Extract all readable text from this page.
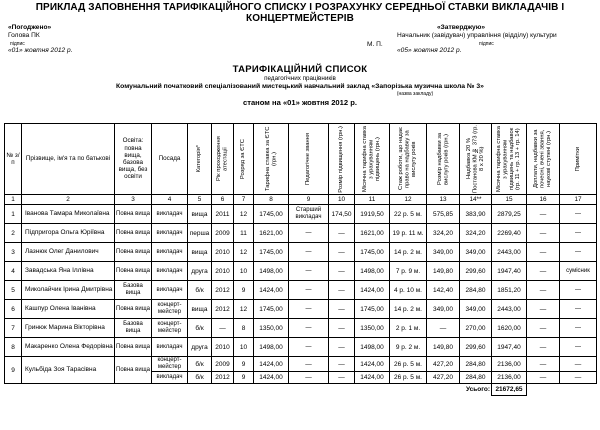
ПРИКЛАД ЗАПОВНЕННЯ ТАРИФІКАЦІЙНОГО СПИСКУ І РОЗРАХУНКУ СЕРЕДНЬОЇ СТАВКИ ВИКЛАДАЧІВ І КОНЦЕРТМЕЙСТЕРІВ
«Погоджено»
Голова ПК
підпис
«01» жовтня 2012 р.
М. П.
«Затверджую»
Начальник (завідувач) управління (відділу) культури
підпис
«05» жовтня 2012 р.
ТАРИФІКАЦІЙНИЙ СПИСОК
педагогічних працівників
Комунальний початковий спеціалізований мистецький навчальний заклад «Запорізька музична школа № 3»
(назва закладу)
станом на «01» жовтня 2012 р.
№ з/п	Прізвище, ім'я та по батькові	Освіта: повна вища, базова вища, без освіти	Посада	Категорія*	Рік проходження атестації	Розряд за ЄТС	Тарифна ставка за ЄТС (грн.)	Педагогічне звання	Розмір підвищення (грн.)	Місячна тарифна ставка з урахуванням підвищень (грн.)	Стаж роботи, що надає право на надбавку за вислугу років	Розмір надбавки за вислугу років (грн.)	Надбавка 20 % Постанова КМ № 373 (гр. 8 х 20 %)	Місячна тарифна ставка з урахуванням підвищень та надбавок (гр. 11 + гр. 13 + гр. 14)	Доплати, надбавки за почесні, вчені звання, наукові ступені (грн.)	Примітки

1	2	3	4	5	6	7	8	9	10	11	12	13	14**	15	16	17
1	Іванова Тамара Миколаївна	Повна вища	викладач	вища	2011	12	1745,00	Старший викладач	174,50	1919,50	22 р. 5 м.	575,85	383,90	2879,25	—	—
2	Підпригора Ольга Юріївна	Повна вища	викладач	перша	2009	11	1621,00	—	—	1621,00	19 р. 11 м.	324,20	324,20	2269,40	—	—
3	Лазнюк Олег Данилович	Повна вища	викладач	вища	2010	12	1745,00	—	—	1745,00	14 р. 2 м.	349,00	349,00	2443,00	—	—
4	Завадська Яна Іллівна	Повна вища	викладач	друга	2010	10	1498,00	—	—	1498,00	7 р. 9 м.	149,80	299,60	1947,40	—	сумісник
5	Миколайчик Ірина Дмитрівна	Базова вища	викладач	б/к	2012	9	1424,00	—	—	1424,00	4 р. 10 м.	142,40	284,80	1851,20	—	—
6	Кашпур Олена Іванівна	Повна вища	концерт-мейстер	вища	2012	12	1745,00	—	—	1745,00	14 р. 2 м.	349,00	349,00	2443,00	—	—
7	Гринюк Марина Вікторівна	Базова вища	концерт-мейстер	б/к	—	8	1350,00	—	—	1350,00	2 р. 1 м.	—	270,00	1620,00	—	—
8	Макаренко Олена Федорівна	Повна вища	викладач	друга	2010	10	1498,00	—	—	1498,00	9 р. 2 м.	149,80	299,60	1947,40	—	—
9	Кульбіда Зоя Тарасівна	Повна вища	концерт-мейстер	б/к	2009	9	1424,00	—	—	1424,00	26 р. 5 м.	427,20	284,80	2136,00	—	—
			викладач	б/к	2012	9	1424,00	—	—	1424,00	26 р. 5 м.	427,20	284,80	2136,00	—	—
Усього:														21672,65		
